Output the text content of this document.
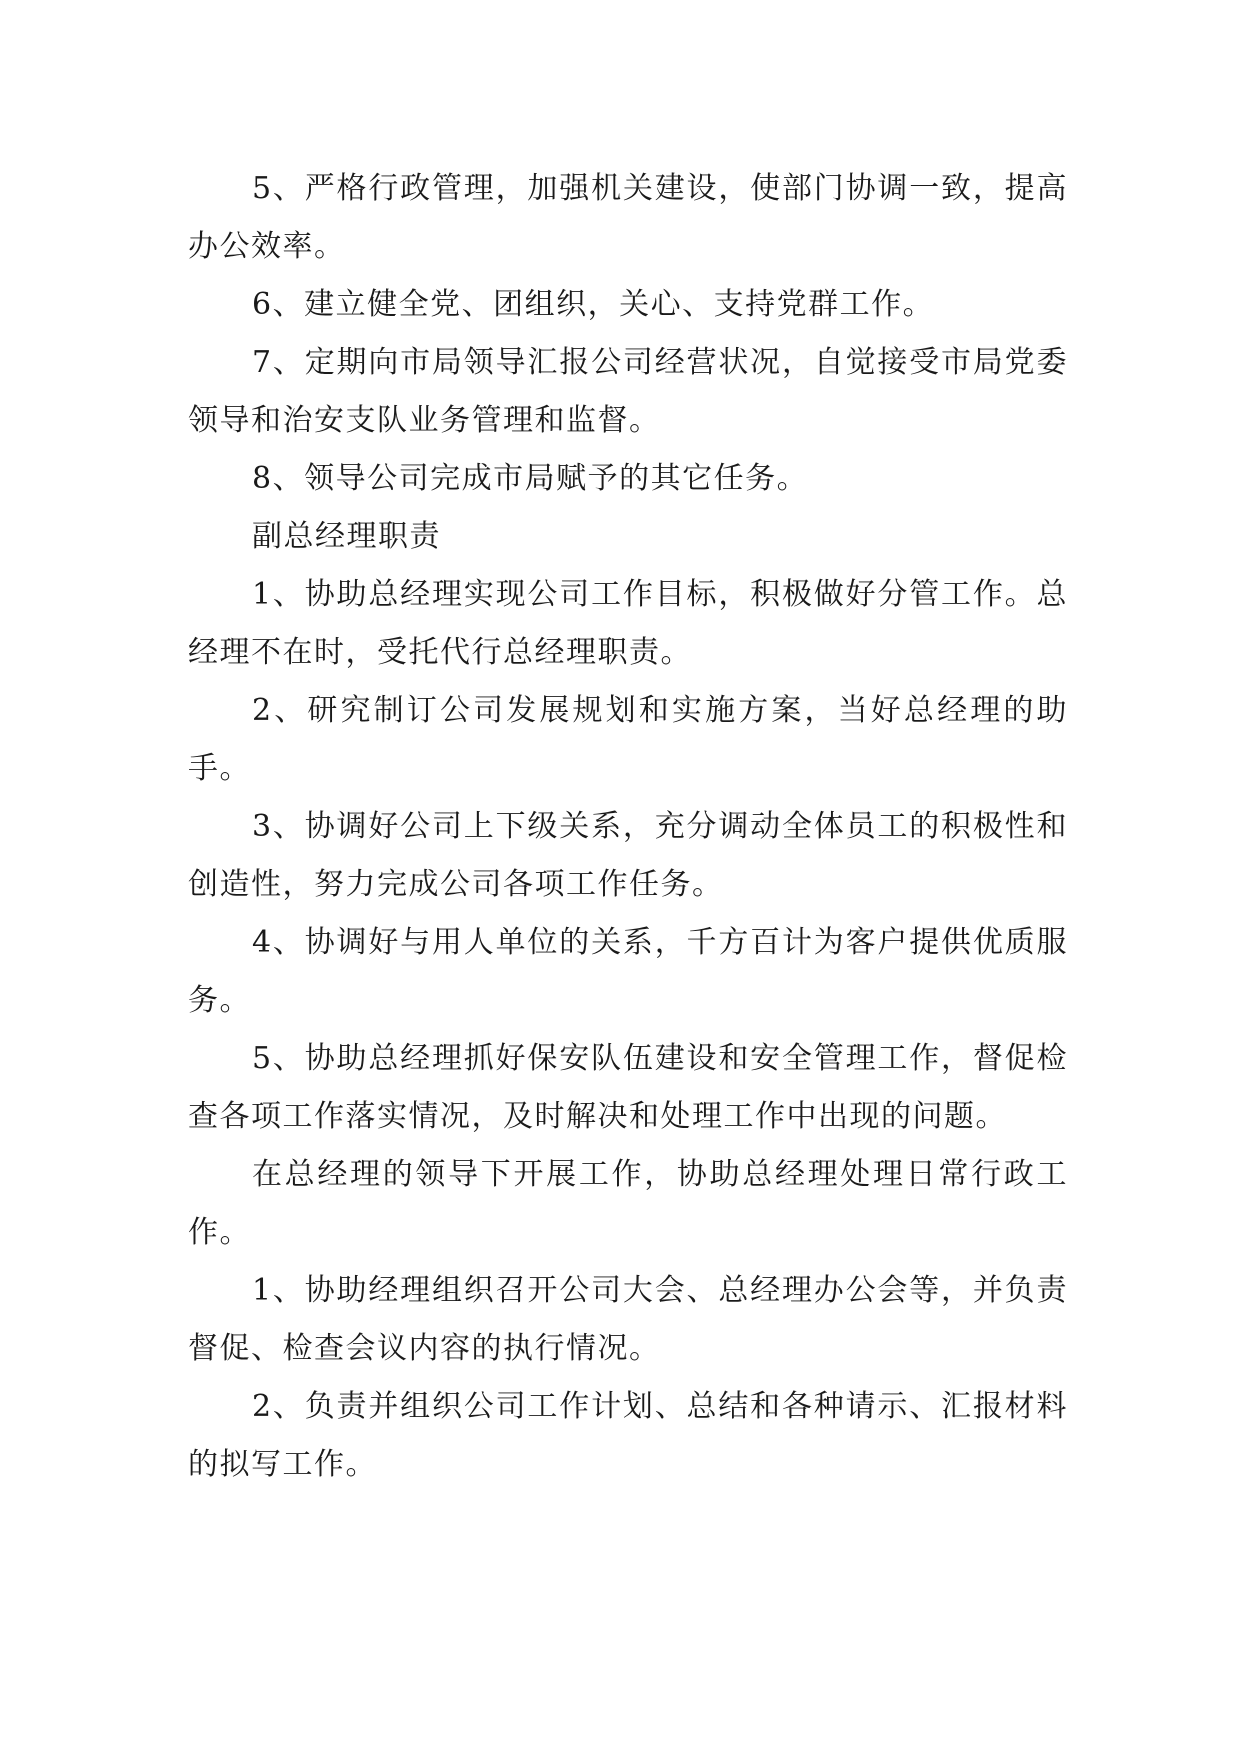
5、严格行政管理，加强机关建设，使部门协调一致，提高办公效率。

6、建立健全党、团组织，关心、支持党群工作。

7、定期向市局领导汇报公司经营状况，自觉接受市局党委领导和治安支队业务管理和监督。

8、领导公司完成市局赋予的其它任务。

副总经理职责

1、协助总经理实现公司工作目标，积极做好分管工作。总经理不在时，受托代行总经理职责。

2、研究制订公司发展规划和实施方案，当好总经理的助手。

3、协调好公司上下级关系，充分调动全体员工的积极性和创造性，努力完成公司各项工作任务。

4、协调好与用人单位的关系，千方百计为客户提供优质服务。

5、协助总经理抓好保安队伍建设和安全管理工作，督促检查各项工作落实情况，及时解决和处理工作中出现的问题。

在总经理的领导下开展工作，协助总经理处理日常行政工作。

1、协助经理组织召开公司大会、总经理办公会等，并负责督促、检查会议内容的执行情况。

2、负责并组织公司工作计划、总结和各种请示、汇报材料的拟写工作。
